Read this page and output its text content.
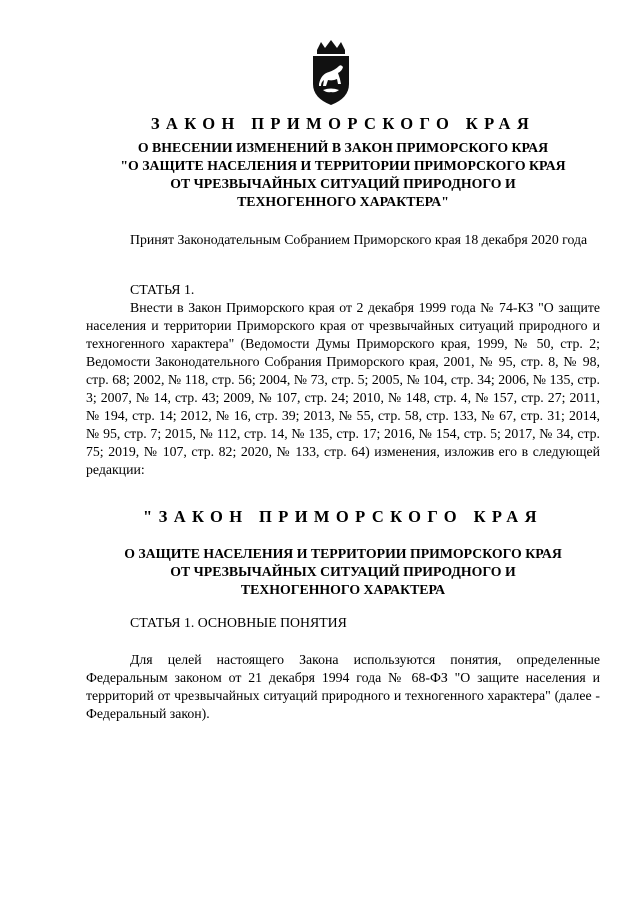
ЗАКОН ПРИМОРСКОГО КРАЯ
О ВНЕСЕНИИ ИЗМЕНЕНИЙ В ЗАКОН ПРИМОРСКОГО КРАЯ
"О ЗАЩИТЕ НАСЕЛЕНИЯ И ТЕРРИТОРИИ ПРИМОРСКОГО КРАЯ
ОТ ЧРЕЗВЫЧАЙНЫХ СИТУАЦИЙ ПРИРОДНОГО И
ТЕХНОГЕННОГО ХАРАКТЕРА"

Принят Законодательным Собранием Приморского края 18 декабря 2020 года

СТАТЬЯ 1.

Внести в Закон Приморского края от 2 декабря 1999 года № 74-КЗ "О защите населения и территории Приморского края от чрезвычайных ситуаций природного и техногенного характера" (Ведомости Думы Приморского края, 1999, № 50, стр. 2; Ведомости Законодательного Собрания Приморского края, 2001, № 95, стр. 8, № 98, стр. 68; 2002, № 118, стр. 56; 2004, № 73, стр. 5; 2005, № 104, стр. 34; 2006, № 135, стр. 3; 2007, № 14, стр. 43; 2009, № 107, стр. 24; 2010, № 148, стр. 4, № 157, стр. 27; 2011, № 194, стр. 14; 2012, № 16, стр. 39; 2013, № 55, стр. 58, стр. 133, № 67, стр. 31; 2014, № 95, стр. 7; 2015, № 112, стр. 14, № 135, стр. 17; 2016, № 154, стр. 5; 2017, № 34, стр. 75; 2019, № 107, стр. 82; 2020, № 133, стр. 64) изменения, изложив его в следующей редакции:

"ЗАКОН ПРИМОРСКОГО КРАЯ
О ЗАЩИТЕ НАСЕЛЕНИЯ И ТЕРРИТОРИИ ПРИМОРСКОГО КРАЯ
ОТ ЧРЕЗВЫЧАЙНЫХ СИТУАЦИЙ ПРИРОДНОГО И
ТЕХНОГЕННОГО ХАРАКТЕРА

СТАТЬЯ 1. ОСНОВНЫЕ ПОНЯТИЯ

Для целей настоящего Закона используются понятия, определенные Федеральным законом от 21 декабря 1994 года № 68-ФЗ "О защите населения и территорий от чрезвычайных ситуаций природного и техногенного характера" (далее - Федеральный закон).
